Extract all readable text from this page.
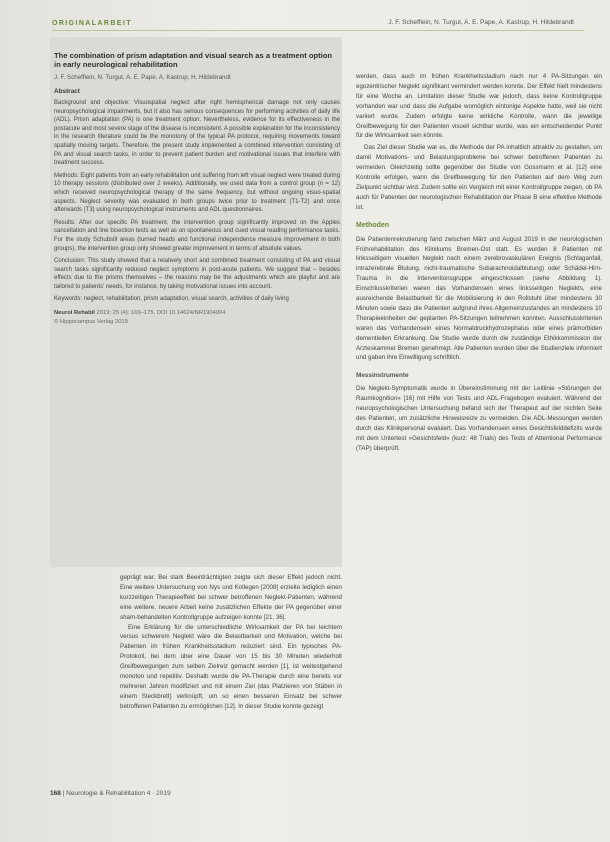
ORIGINALARBEIT	J. F. Schefflein, N. Turgut, A. E. Pape, A. Kastrup, H. Hildebrandt
The combination of prism adaptation and visual search as a treatment option in early neurological rehabilitation
J. F. Schefflein, N. Turgut, A. E. Pape, A. Kastrup, H. Hildebrandt
Abstract

Background and objective: Visuospatial neglect after right hemispherical damage not only causes neuropsychological impairments, but it also has serious consequences for performing activities of daily life (ADL). Prism adaptation (PA) is one treatment option. Nevertheless, evidence for its effectiveness in the postacute and most severe stage of the disease is inconsistent. A possible explanation for the inconsistency in the research literature could be the monotony of the typical PA protocol, requiring movements toward spatially moving targets. Therefore, the present study implemented a combined intervention consisting of PA and visual search tasks, in order to prevent patient burden and motivational issues that interfere with treatment success.

Methods: Eight patients from an early rehabilitation unit suffering from left visual neglect were treated during 10 therapy sessions (distributed over 2 weeks). Additionally, we used data from a control group (n = 12) which received neuropsychological therapy of the same frequency, but without ongoing visuo-spatial aspects. Neglect severity was evaluated in both groups twice prior to treatment (T1-T2) and once afterwards (T3) using neuropsychological instruments and ADL questionnaires.

Results: After our specific PA treatment, the intervention group significantly improved on the Apples cancellation and line bisection tests as well as on spontaneous and cued visual reading performance tasks. For the study Schubstil areas (turned heads and functional independence measure improvement in both groups), the intervention group only showed greater improvement in terms of absolute values.

Conclusion: This study showed that a relatively short and combined treatment consisting of PA and visual search tasks significantly reduced neglect symptoms in post-acute patients. We suggest that – besides effects due to the prisms themselves – the reasons may be the adjustments which are playful and are tailored to patients' needs, for instance, by taking motivational issues into account.

Keywords: neglect, rehabilitation, prism adaptation, visual search, activities of daily living

Neurol Rehabil 2019; 25 (4): 169–175. DOI 10.14624/NR1904004
© Hippocampus Verlag 2019

werden, dass auch im frühen Krankheitsstadium nach nur 4 PA-Sitzungen ein egozentrischer Neglekt signifikant vermindert werden konnte. Der Effekt hielt mindestens für eine Woche an. Limitation dieser Studie war jedoch, dass keine Kontrollgruppe vorhanden war und dass die Aufgabe womöglich eintonige Aspekte hatte, weil sie nicht variiert wurde. Zudem erfolgte keine wirkliche Kontrolle, wann die jeweilige Greifbewegung für den Patienten visuell sichtbar wurde, was ein entscheidender Punkt für die Wirksamkeit sein könnte.

Das Ziel dieser Studie war es, die Methode der PA inhaltlich attraktiv zu gestalten, um damit Motivations- und Belastungsprobleme bei schwer betroffenen Patienten zu vermeiden. Gleichzeitig sollte gegenüber der Studie von Gossmann et al. [12] eine Kontrolle erfolgen, wann die Greifbewegung für den Patienten auf dem Weg zum Zielpunkt sichtbar wird. Zudem sollte ein Vergleich mit einer Kontrollgruppe zeigen, ob PA auch für Patienten der neurologischen Rehabilitation der Phase B eine effektive Methode ist.

Methoden

Die Patientenrekrutierung fand zwischen März und August 2019 in der neurologischen Frührehabilitation des Klinikums Bremen-Ost statt. Es wurden 8 Patienten mit linksseitigem visuellen Neglekt nach einem zerebrovaskulären Ereignis (Schlaganfall, intrazerebrale Blutung, nicht-traumatische Subarachnoidalblutung) oder Schädel-Hirn-Trauma in die Interventionsgruppe eingeschlossen (siehe Abbildung 1). Einschlusskriterien waren das Vorhandensein eines linksseitigen Neglekts, eine ausreichende Belastbarkeit für die Mobilisierung in den Rollstuhl über mindestens 30 Minuten sowie dass die Patienten aufgrund ihres Allgemeinzustandes an mindestens 10 Therapieeinheiten der geplanten PA-Sitzungen teilnehmen konnten. Ausschlusskriterien waren das Vorhandensein eines Normaldruckhydrozephalus oder eines prämorbiden dementiellen Erkrankung. Die Studie wurde durch die zuständige Ethikkommission der Arzteskammer Bremen genehmigt. Alle Patienten wurden über die Studienziele informiert und gaben ihre Einwilligung schriftlich.

Messinstrumente

Die Neglekt-Symptomatik wurde in Übereinstimmung mit der Leitlinie »Störungen der Raumkognition« [16] mit Hilfe von Tests und ADL-Fragebogen evaluiert. Während der neuropsychologischen Untersuchung befand sich der Therapeut auf der rechten Seite des Patienten, um zusätzliche Hinweisreize zu vermeiden. Die ADL-Messungen werden durch das Klinikpersonal evaluiert. Das Vorhandensein eines Gesichtsfelddefizits wurde mit dem Untertest »Gesichtsfeld« (kurz: 48 Trials) des Tests of Attentional Performance (TAP) überprüft.

geprägt war. Bei stark Beeinträchtigten zeigte sich dieser Effekt jedoch nicht. Eine weitere Untersuchung von Nys und Kollegen [2008] erzielte lediglich einen kurzzeitigen Therapieeffekt bei schwer betroffenen Neglekt-Patienten, während eine weitere, neuere Arbeit keine zusätzlichen Effekte der PA gegenüber einer sham-behandelten Kontrollgruppe aufzeigen konnte [21, 36].

Eine Erklärung für die unterschiedliche Wirksamkeit der PA bei leichtem versus schwerem Neglekt wäre die Belastbarkeit und Motivation, welche bei Patienten im frühen Krankheitsstadium reduziert sind. Ein typisches PA-Protokoll, bei dem über eine Dauer von 15 bis 30 Minuten wiederholt Greifbewegungen zum selben Zielreiz gemacht werden [1], ist weitestgehend monoton und repetitiv. Deshalb wurde die PA-Therapie durch eine bereits vor mehreren Jahren modifiziert und mit einem Ziel (das Platzieren von Stäben in einem Steckbrett) verknüpft, um so einen besseren Einsatz bei schwer betroffenen Patienten zu ermöglichen [12]. In dieser Studie konnte gezeigt

168 | Neurologie & Rehabilitation 4 · 2019
